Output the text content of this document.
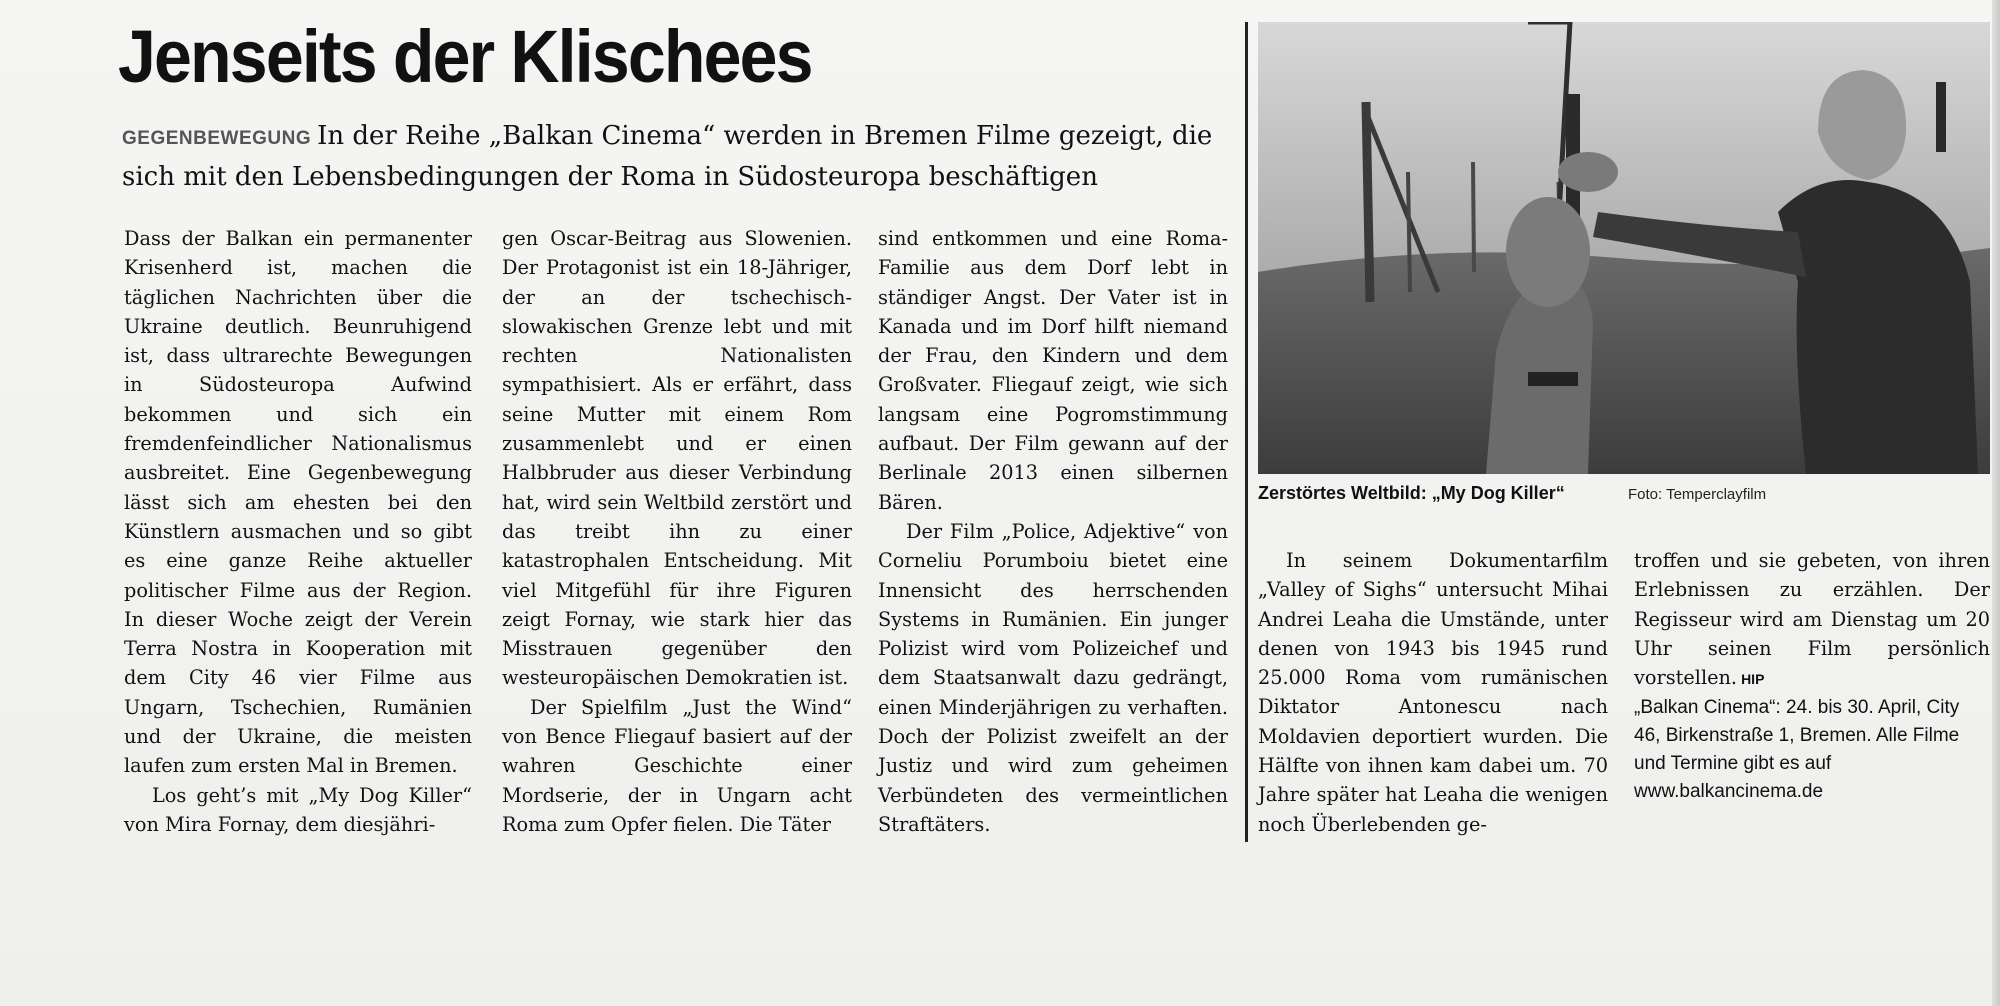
Jenseits der Klischees
GEGENBEWEGUNG In der Reihe „Balkan Cinema“ werden in Bremen Filme gezeigt, die sich mit den Lebensbedingungen der Roma in Südosteuropa beschäftigen

Dass der Balkan ein permanenter Krisenherd ist, machen die täglichen Nachrichten über die Ukraine deutlich. Beunruhigend ist, dass ultrarechte Bewegungen in Südosteuropa Aufwind bekommen und sich ein fremdenfeindlicher Nationalismus ausbreitet. Eine Gegenbewegung lässt sich am ehesten bei den Künstlern ausmachen und so gibt es eine ganze Reihe aktueller politischer Filme aus der Region. In dieser Woche zeigt der Verein Terra Nostra in Kooperation mit dem City 46 vier Filme aus Ungarn, Tschechien, Rumänien und der Ukraine, die meisten laufen zum ersten Mal in Bremen.

Los geht’s mit „My Dog Killer“ von Mira Fornay, dem diesjähri-

gen Oscar-Beitrag aus Slowenien. Der Protagonist ist ein 18-Jähriger, der an der tschechisch-slowakischen Grenze lebt und mit rechten Nationalisten sympathisiert. Als er erfährt, dass seine Mutter mit einem Rom zusammenlebt und er einen Halbbruder aus dieser Verbindung hat, wird sein Weltbild zerstört und das treibt ihn zu einer katastrophalen Entscheidung. Mit viel Mitgefühl für ihre Figuren zeigt Fornay, wie stark hier das Misstrauen gegenüber den westeuropäischen Demokratien ist.

Der Spielfilm „Just the Wind“ von Bence Fliegauf basiert auf der wahren Geschichte einer Mordserie, der in Ungarn acht Roma zum Opfer fielen. Die Täter

sind entkommen und eine Roma-Familie aus dem Dorf lebt in ständiger Angst. Der Vater ist in Kanada und im Dorf hilft niemand der Frau, den Kindern und dem Großvater. Fliegauf zeigt, wie sich langsam eine Pogromstimmung aufbaut. Der Film gewann auf der Berlinale 2013 einen silbernen Bären.

Der Film „Police, Adjektive“ von Corneliu Porumboiu bietet eine Innensicht des herrschenden Systems in Rumänien. Ein junger Polizist wird vom Polizeichef und dem Staatsanwalt dazu gedrängt, einen Minderjährigen zu verhaften. Doch der Polizist zweifelt an der Justiz und wird zum geheimen Verbündeten des vermeintlichen Straftäters.

Zerstörtes Weltbild: „My Dog Killer“	Foto: Temperclayfilm

In seinem Dokumentarfilm „Valley of Sighs“ untersucht Mihai Andrei Leaha die Umstände, unter denen von 1943 bis 1945 rund 25.000 Roma vom rumänischen Diktator Antonescu nach Moldavien deportiert wurden. Die Hälfte von ihnen kam dabei um. 70 Jahre später hat Leaha die wenigen noch Überlebenden ge-

troffen und sie gebeten, von ihren Erlebnissen zu erzählen. Der Regisseur wird am Dienstag um 20 Uhr seinen Film persönlich vorstellen. HIP

„Balkan Cinema“: 24. bis 30. April, City 46, Birkenstraße 1, Bremen. Alle Filme und Termine gibt es auf www.balkancinema.de
